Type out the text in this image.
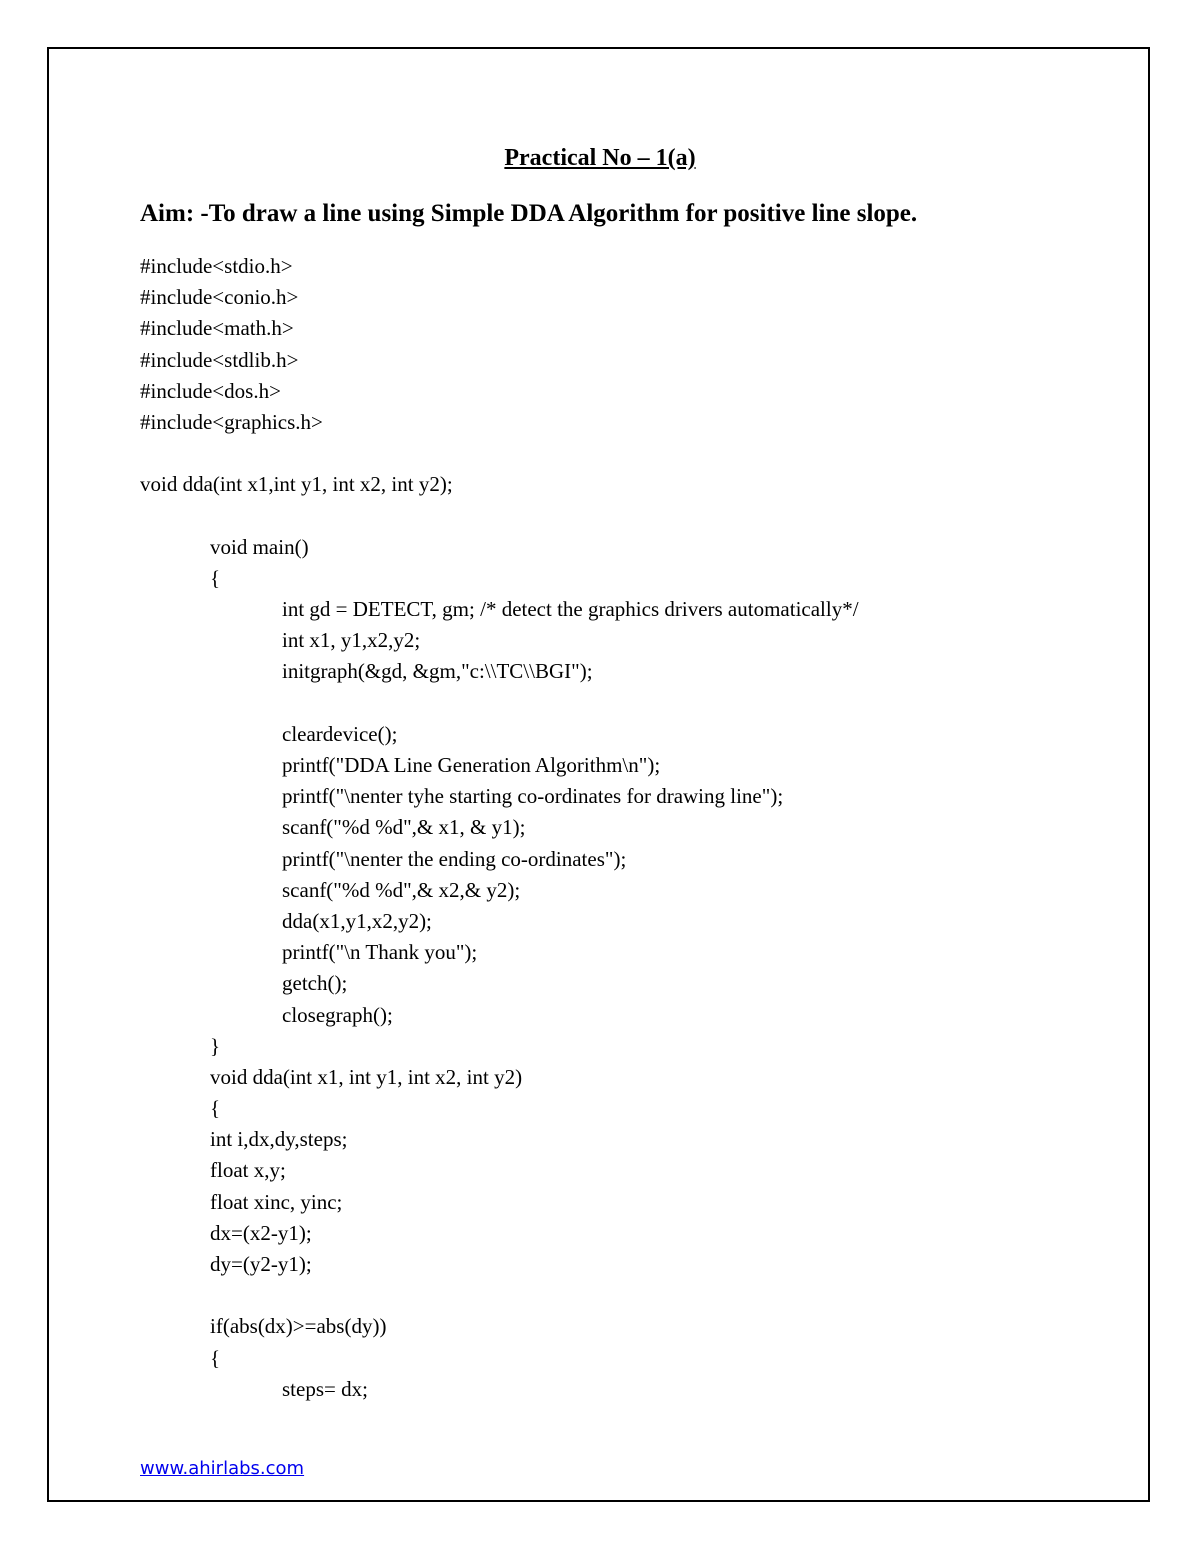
Practical No – 1(a)
Aim: -To draw a line using Simple DDA Algorithm for positive line slope.
#include<stdio.h>
#include<conio.h>
#include<math.h>
#include<stdlib.h>
#include<dos.h>
#include<graphics.h>
void dda(int x1,int y1, int x2, int y2);
void main()
{
int gd = DETECT, gm; /* detect the graphics drivers automatically*/
int x1, y1,x2,y2;
initgraph(&gd, &gm,"c:\\TC\\BGI");
cleardevice();
printf("DDA Line Generation Algorithm\n");
printf("\nenter tyhe starting co-ordinates for drawing line");
scanf("%d %d",& x1, & y1);
printf("\nenter the ending co-ordinates");
scanf("%d %d",& x2,& y2);
dda(x1,y1,x2,y2);
printf("\n Thank you");
getch();
closegraph();
}
void dda(int x1, int y1, int x2, int y2)
{
int i,dx,dy,steps;
float x,y;
float xinc, yinc;
dx=(x2-y1);
dy=(y2-y1);
if(abs(dx)>=abs(dy))
{
steps= dx;
www.ahirlabs.com
